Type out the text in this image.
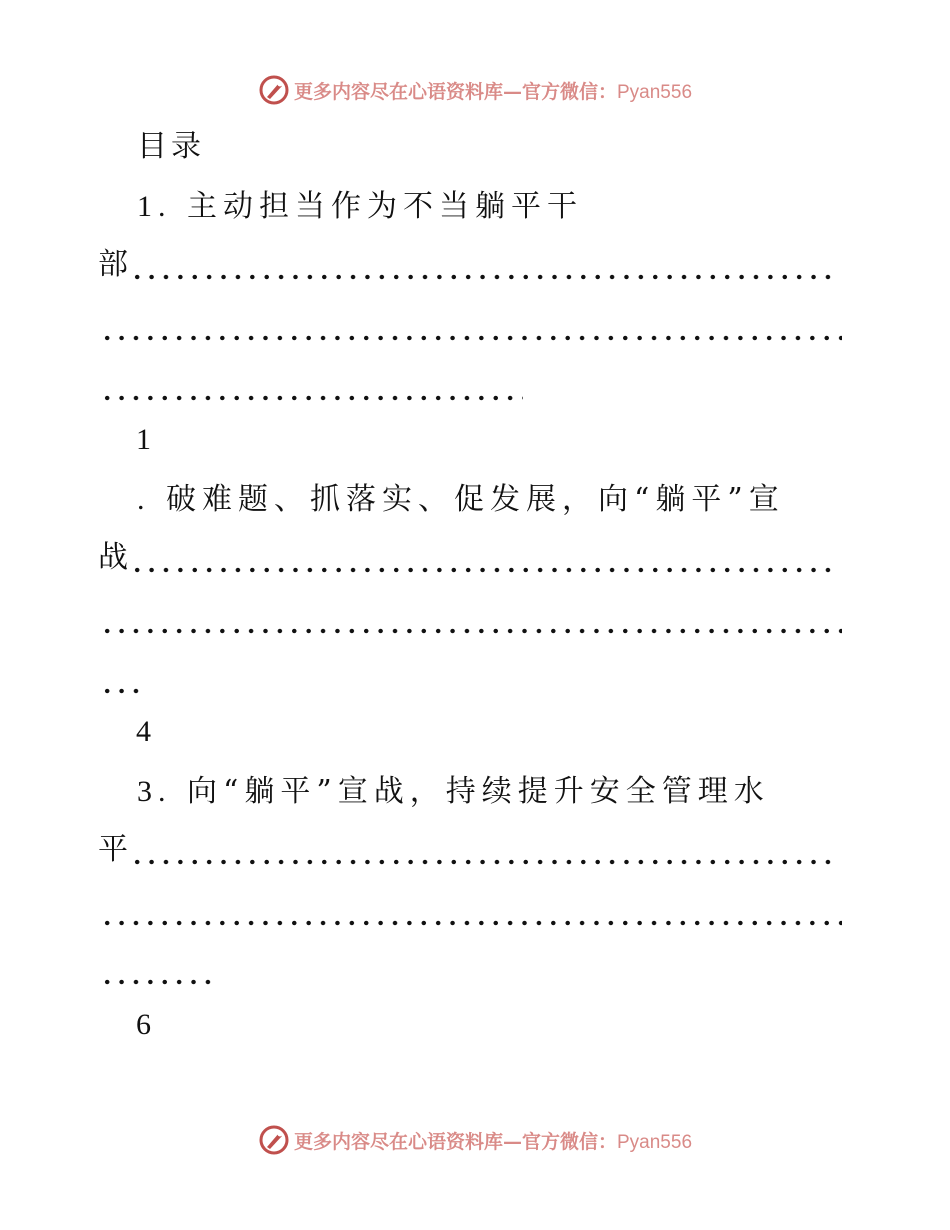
更多内容尽在心语资料库—官方微信：Pyan556
目录
1. 主动担当作为不当躺平干
部
1
. 破难题、抓落实、促发展，向“躺平”宣
战
4
3. 向“躺平”宣战，持续提升安全管理水
平
6
更多内容尽在心语资料库—官方微信：Pyan556
